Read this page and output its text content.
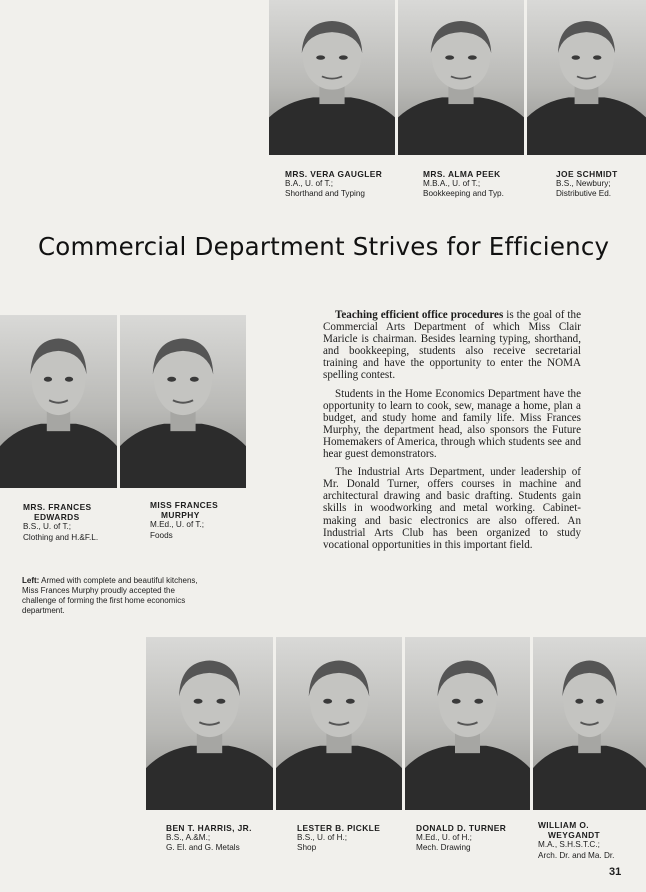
MRS. VERA GAUGLER
B.A., U. of T.;
Shorthand and Typing
MRS. ALMA PEEK
M.B.A., U. of T.;
Bookkeeping and Typ.
JOE SCHMIDT
B.S., Newbury;
Distributive Ed.
Commercial Department Strives for Efficiency
MRS. FRANCES
EDWARDS
B.S., U. of T.;
Clothing and H.&F.L.
MISS FRANCES
MURPHY
M.Ed., U. of T.;
Foods

Teaching efficient office procedures is the goal of the Commercial Arts Department of which Miss Clair Maricle is chairman. Besides learning typing, shorthand, and bookkeeping, students also receive secretarial training and have the opportunity to enter the NOMA spelling contest.

Students in the Home Economics Department have the opportunity to learn to cook, sew, manage a home, plan a budget, and study home and family life. Miss Frances Murphy, the department head, also sponsors the Future Homemakers of America, through which students see and hear guest demonstrators.

The Industrial Arts Department, under leadership of Mr. Donald Turner, offers courses in machine and architectural drawing and basic drafting. Students gain skills in woodworking and metal working. Cabinet-making and basic electronics are also offered. An Industrial Arts Club has been organized to study vocational opportunities in this important field.

Left: Armed with complete and beautiful kitchens, Miss Frances Murphy proudly accepted the challenge of forming the first home economics department.
BEN T. HARRIS, JR.
B.S., A.&M.;
G. El. and G. Metals
LESTER B. PICKLE
B.S., U. of H.;
Shop
DONALD D. TURNER
M.Ed., U. of H.;
Mech. Drawing
WILLIAM O.
WEYGANDT
M.A., S.H.S.T.C.;
Arch. Dr. and Ma. Dr.
31
